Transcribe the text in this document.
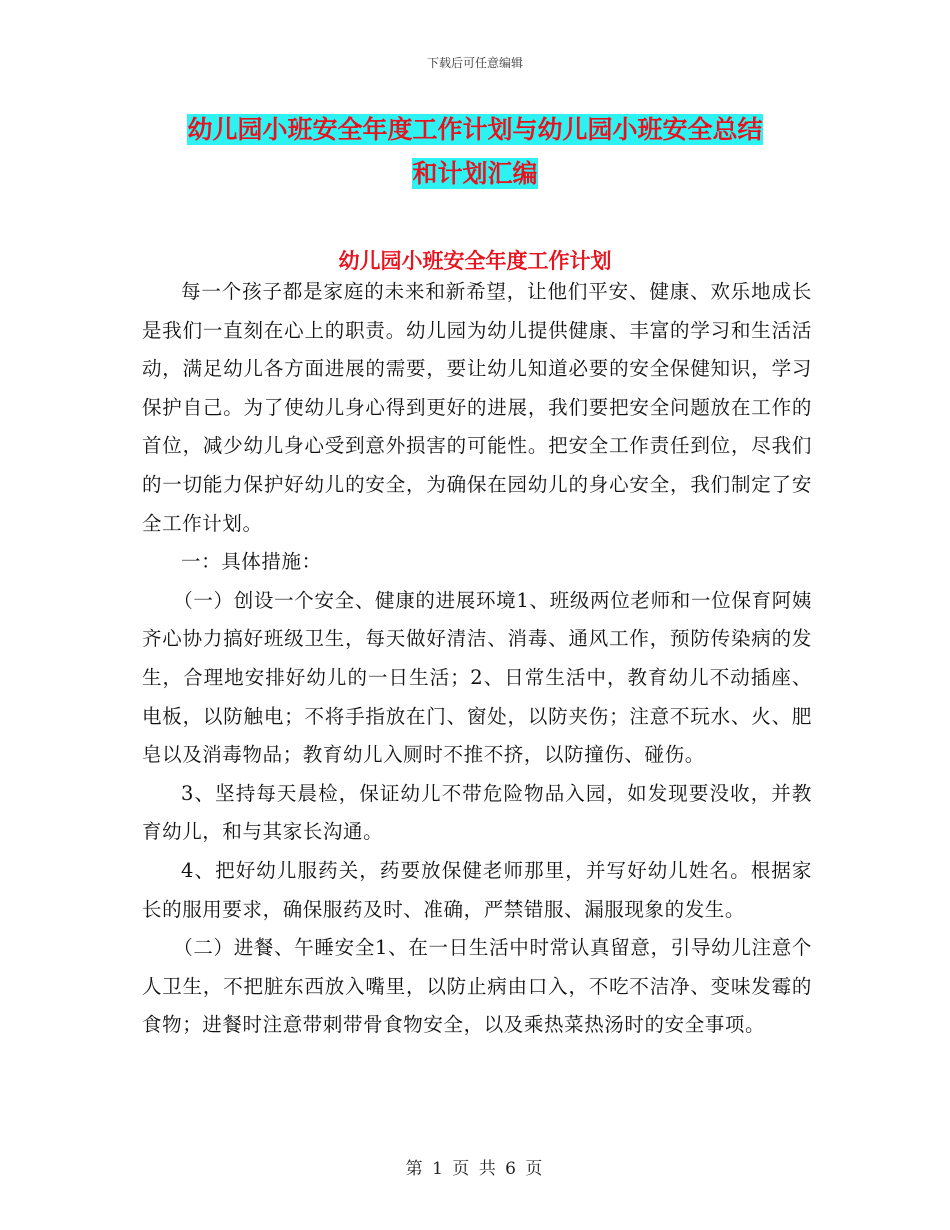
下载后可任意编辑
幼儿园小班安全年度工作计划与幼儿园小班安全总结
和计划汇编
幼儿园小班安全年度工作计划

每一个孩子都是家庭的未来和新希望，让他们平安、健康、欢乐地成长是我们一直刻在心上的职责。幼儿园为幼儿提供健康、丰富的学习和生活活动，满足幼儿各方面进展的需要，要让幼儿知道必要的安全保健知识，学习保护自己。为了使幼儿身心得到更好的进展，我们要把安全问题放在工作的首位，减少幼儿身心受到意外损害的可能性。把安全工作责任到位，尽我们的一切能力保护好幼儿的安全，为确保在园幼儿的身心安全，我们制定了安全工作计划。

一：具体措施：

（一）创设一个安全、健康的进展环境1、班级两位老师和一位保育阿姨齐心协力搞好班级卫生，每天做好清洁、消毒、通风工作，预防传染病的发生，合理地安排好幼儿的一日生活；2、日常生活中，教育幼儿不动插座、电板，以防触电；不将手指放在门、窗处，以防夹伤；注意不玩水、火、肥皂以及消毒物品；教育幼儿入厕时不推不挤，以防撞伤、碰伤。

3、坚持每天晨检，保证幼儿不带危险物品入园，如发现要没收，并教育幼儿，和与其家长沟通。

4、把好幼儿服药关，药要放保健老师那里，并写好幼儿姓名。根据家长的服用要求，确保服药及时、准确，严禁错服、漏服现象的发生。

（二）进餐、午睡安全1、在一日生活中时常认真留意，引导幼儿注意个人卫生，不把脏东西放入嘴里，以防止病由口入，不吃不洁净、变味发霉的食物；进餐时注意带刺带骨食物安全，以及乘热菜热汤时的安全事项。

第 1 页 共 6 页
